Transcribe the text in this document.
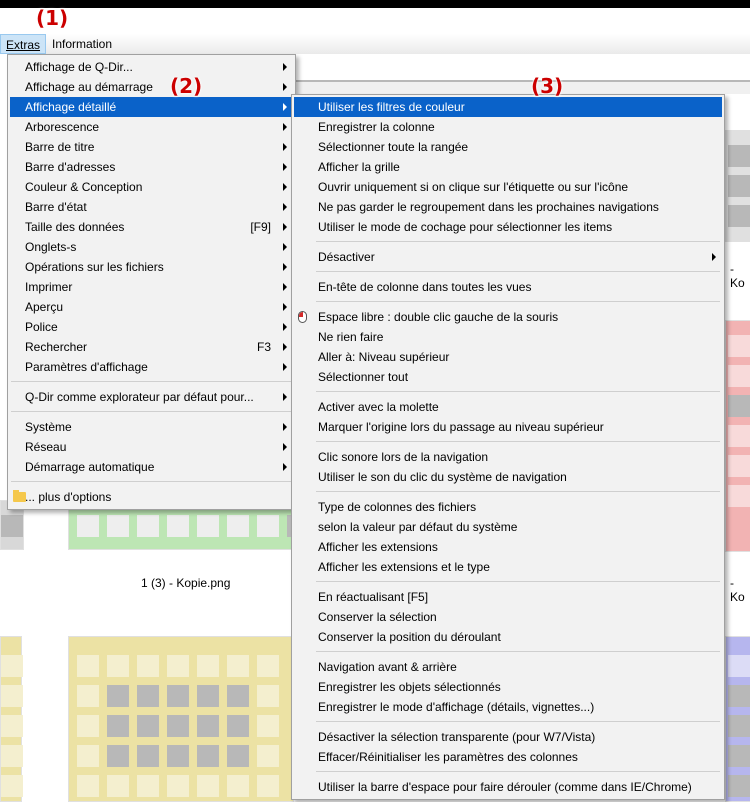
1 (3) - Kopie.png
- Ko
- Ko
Extras Information
Affichage de Q-Dir...
Affichage au démarrage
Affichage détaillé
Arborescence
Barre de titre
Barre d'adresses
Couleur & Conception
Barre d'état
Taille des données	[F9]
Onglets-s
Opérations sur les fichiers
Imprimer
Aperçu
Police
Rechercher	F3
Paramètres d'affichage
Q-Dir comme explorateur par défaut pour...
Système
Réseau
Démarrage automatique
... plus d'options
Utiliser les filtres de couleur
Enregistrer la colonne
Sélectionner toute la rangée
Afficher la grille
Ouvrir uniquement si on clique sur l'étiquette ou sur l'icône
Ne pas garder le regroupement dans les prochaines navigations
Utiliser le mode de cochage pour sélectionner les items
Désactiver
En-tête de colonne dans toutes les vues
Espace libre : double clic gauche de la souris
Ne rien faire
Aller à: Niveau supérieur
Sélectionner tout
Activer avec la molette
Marquer l'origine lors du passage au niveau supérieur
Clic sonore lors de la navigation
Utiliser le son du clic du système de navigation
Type de colonnes des fichiers
selon la valeur par défaut du système
Afficher les extensions
Afficher les extensions et le type
En réactualisant [F5]
Conserver la sélection
Conserver la position du déroulant
Navigation avant & arrière
Enregistrer les objets sélectionnés
Enregistrer le mode d'affichage (détails, vignettes...)
Désactiver la sélection transparente (pour W7/Vista)
Effacer/Réinitialiser les paramètres des colonnes
Utiliser la barre d'espace pour faire dérouler (comme dans IE/Chrome)
(1)
(2)	(3)
